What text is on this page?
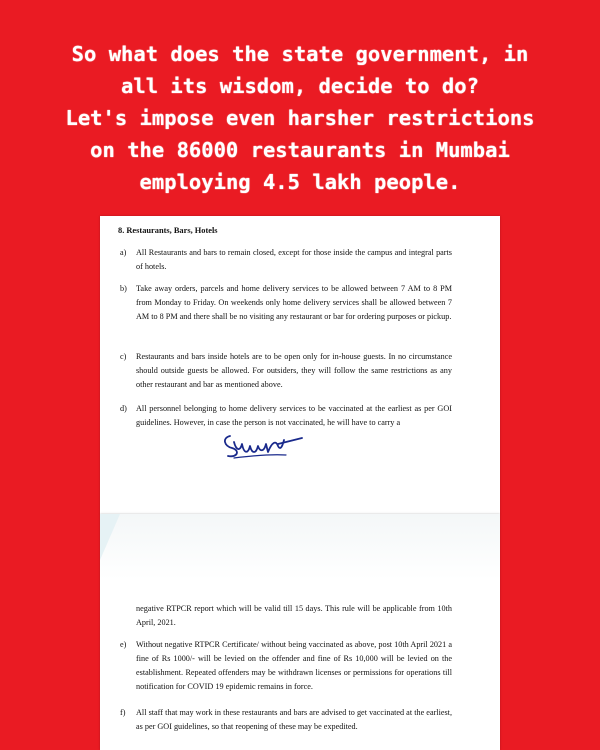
So what does the state government, in
all its wisdom, decide to do?
Let's impose even harsher restrictions
on the 86000 restaurants in Mumbai
employing 4.5 lakh people.
8. Restaurants, Bars, Hotels
a)	All Restaurants and bars to remain closed, except for those inside the campus and integral parts of hotels.
b)	Take away orders, parcels and home delivery services to be allowed between 7 AM to 8 PM from Monday to Friday. On weekends only home delivery services shall be allowed between 7 AM to 8 PM and there shall be no visiting any restaurant or bar for ordering purposes or pickup.
c)	Restaurants and bars inside hotels are to be open only for in-house guests. In no circumstance should outside guests be allowed. For outsiders, they will follow the same restrictions as any other restaurant and bar as mentioned above.
d)	All personnel belonging to home delivery services to be vaccinated at the earliest as per GOI guidelines. However, in case the person is not vaccinated, he will have to carry a
negative RTPCR report which will be valid till 15 days. This rule will be applicable from 10th April, 2021.
e)	Without negative RTPCR Certificate/ without being vaccinated as above, post 10th April 2021 a fine of Rs 1000/- will be levied on the offender and fine of Rs 10,000 will be levied on the establishment. Repeated offenders may be withdrawn licenses or permissions for operations till notification for COVID 19 epidemic remains in force.
f)	All staff that may work in these restaurants and bars are advised to get vaccinated at the earliest, as per GOI guidelines, so that reopening of these may be expedited.
